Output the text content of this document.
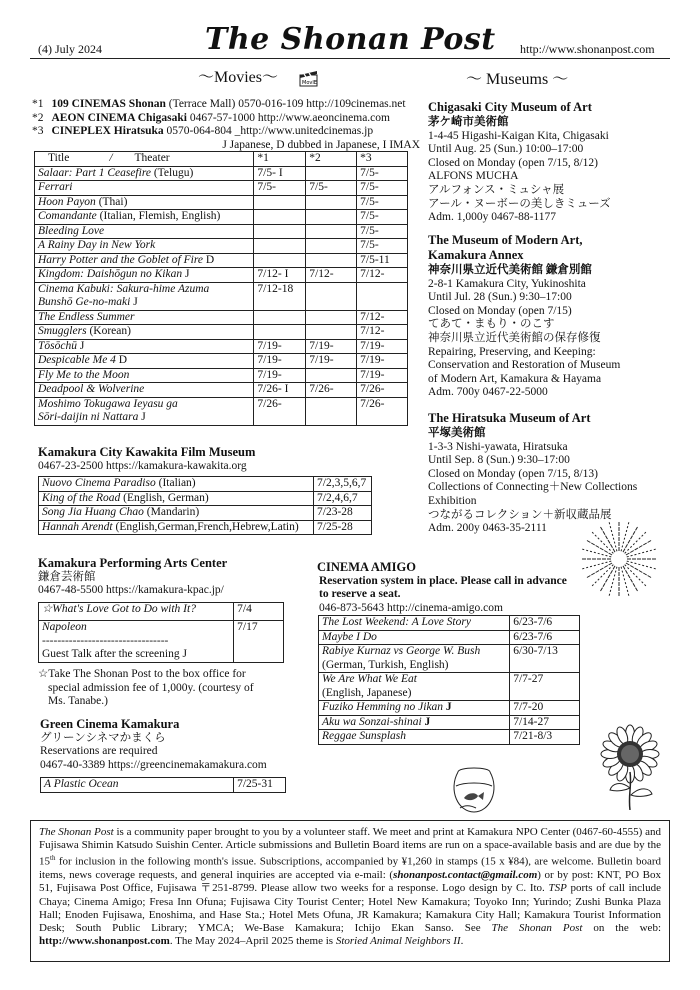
(4) July 2024	The Shonan Post http://www.shonanpost.com
～Movies～	MovIE
*1 109 CINEMAS Shonan (Terrace Mall) 0570-016-109 http://109cinemas.net
*2 AEON CINEMA Chigasaki 0467-57-1000 http://www.aeoncinema.com
*3 CINEPLEX Hiratsuka 0570-064-804 _http://www.unitedcinemas.jp
J Japanese, D dubbed in Japanese, I IMAX
Title / Theater	*1	*2	*3
Salaar: Part 1 Ceasefire (Telugu)	7/5- I		7/5-
Ferrari	7/5-	7/5-	7/5-
Hoon Payon (Thai)			7/5-
Comandante (Italian, Flemish, English)			7/5-
Bleeding Love			7/5-
A Rainy Day in New York			7/5-
Harry Potter and the Goblet of Fire D			7/5-11
Kingdom: Daishōgun no Kikan J	7/12- I	7/12-	7/12-
Cinema Kabuki: Sakura-hime Azuma
Bunshō Ge-no-maki J	7/12-18		
The Endless Summer			7/12-
Smugglers (Korean)			7/12-
Tōsōchū J	7/19-	7/19-	7/19-
Despicable Me 4 D	7/19-	7/19-	7/19-
Fly Me to the Moon	7/19-		7/19-
Deadpool & Wolverine	7/26- I	7/26-	7/26-
Moshimo Tokugawa Ieyasu ga
Sōri-daijin ni Nattara J	7/26-		7/26-
Kamakura City Kawakita Film Museum
0467-23-2500 https://kamakura-kawakita.org
Nuovo Cinema Paradiso (Italian)	7/2,3,5,6,7
King of the Road (English, German)	7/2,4,6,7
Song Jia Huang Chao (Mandarin)	7/23-28
Hannah Arendt (English,German,French,Hebrew,Latin)	7/25-28
Kamakura Performing Arts Center
鎌倉芸術館
0467-48-5500 https://kamakura-kpac.jp/
☆What's Love Got to Do with It?	7/4
Napoleon
---------------------------------
Guest Talk after the screening J	7/17
☆Take The Shonan Post to the box office for
special admission fee of 1,000y. (courtesy of
Ms. Tanabe.)
Green Cinema Kamakura
グリーンシネマかまくら
Reservations are required
0467-40-3389 https://greencinemakamakura.com
A Plastic Ocean	7/25-31
CINEMA AMIGO
Reservation system in place. Please call in advance
to reserve a seat.
046-873-5643 http://cinema-amigo.com
The Lost Weekend: A Love Story	6/23-7/6
Maybe I Do	6/23-7/6
Rabiye Kurnaz vs George W. Bush
(German, Turkish, English)	6/30-7/13
We Are What We Eat
(English, Japanese)	7/7-27
Fuziko Hemming no Jikan J	7/7-20
Aku wa Sonzai-shinai J	7/14-27
Reggae Sunsplash	7/21-8/3
～ Museums ～
Chigasaki City Museum of Art
茅ケ崎市美術館
1-4-45 Higashi-Kaigan Kita, Chigasaki
Until Aug. 25 (Sun.) 10:00–17:00
Closed on Monday (open 7/15, 8/12)
ALFONS MUCHA
アルフォンス・ミュシャ展
アール・ヌーボーの美しきミューズ
Adm. 1,000y 0467-88-1177
The Museum of Modern Art,
Kamakura Annex
神奈川県立近代美術館 鎌倉別館
2-8-1 Kamakura City, Yukinoshita
Until Jul. 28 (Sun.) 9:30–17:00
Closed on Monday (open 7/15)
てあて・まもり・のこす
神奈川県立近代美術館の保存修復
Repairing, Preserving, and Keeping:
Conservation and Restoration of Museum
of Modern Art, Kamakura & Hayama
Adm. 700y 0467-22-5000
The Hiratsuka Museum of Art
平塚美術館
1-3-3 Nishi-yawata, Hiratsuka
Until Sep. 8 (Sun.) 9:30–17:00
Closed on Monday (open 7/15, 8/13)
Collections of Connecting＋New Collections
Exhibition
つながるコレクション＋新収蔵品展
Adm. 200y 0463-35-2111
The Shonan Post is a community paper brought to you by a volunteer staff. We meet and print at Kamakura NPO Center (0467-60-4555) and Fujisawa Shimin Katsudo Suishin Center. Article submissions and Bulletin Board items are run on a space-available basis and are due by the 15th for inclusion in the following month's issue. Subscriptions, accompanied by ¥1,260 in stamps (15 x ¥84), are welcome. Bulletin board items, news coverage requests, and general inquiries are accepted via e-mail: (shonanpost.contact@gmail.com) or by post: KNT, PO Box 51, Fujisawa Post Office, Fujisawa 〒251-8799. Please allow two weeks for a response. Logo design by C. Ito. TSP ports of call include Chaya; Cinema Amigo; Fresa Inn Ofuna; Fujisawa City Tourist Center; Hotel New Kamakura; Toyoko Inn; Yurindo; Zushi Bunka Plaza Hall; Enoden Fujisawa, Enoshima, and Hase Sta.; Hotel Mets Ofuna, JR Kamakura; Kamakura City Hall; Kamakura Tourist Information Desk; South Public Library; YMCA; We-Base Kamakura; Ichijo Ekan Sanso. See The Shonan Post on the web: http://www.shonanpost.com. The May 2024–April 2025 theme is Storied Animal Neighbors II.
